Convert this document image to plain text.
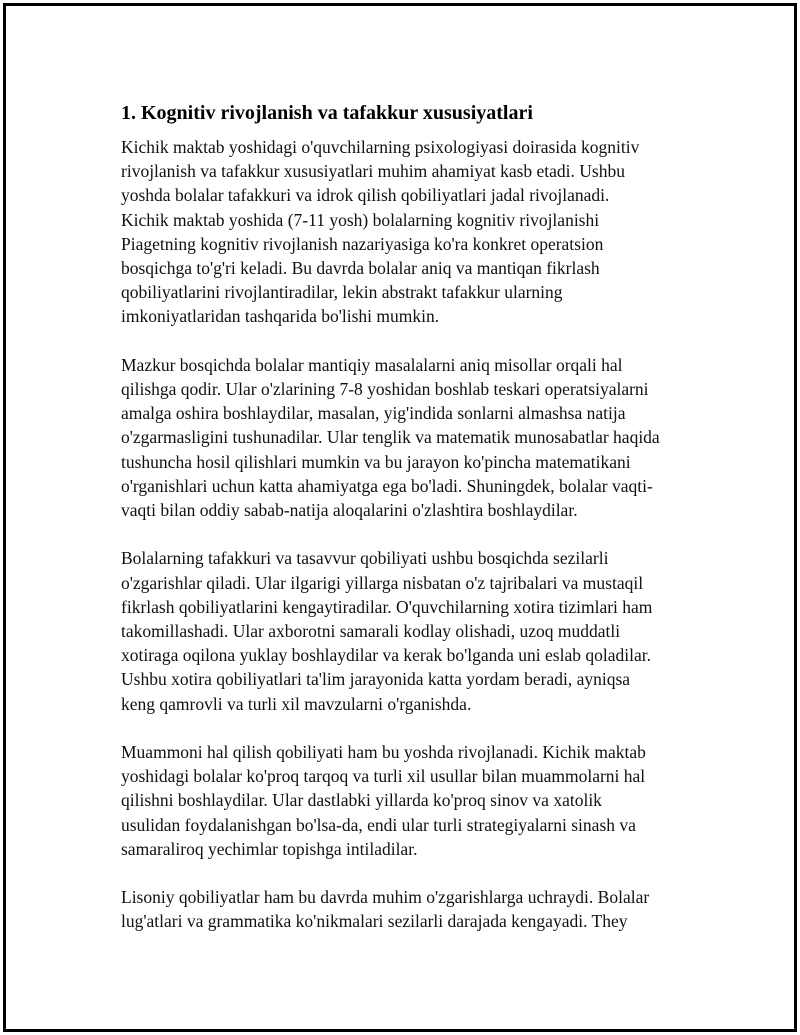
1. Kognitiv rivojlanish va tafakkur xususiyatlari
Kichik maktab yoshidagi o'quvchilarning psixologiyasi doirasida kognitiv
rivojlanish va tafakkur xususiyatlari muhim ahamiyat kasb etadi. Ushbu
yoshda bolalar tafakkuri va idrok qilish qobiliyatlari jadal rivojlanadi.
Kichik maktab yoshida (7-11 yosh) bolalarning kognitiv rivojlanishi
Piagetning kognitiv rivojlanish nazariyasiga ko'ra konkret operatsion
bosqichga to'g'ri keladi. Bu davrda bolalar aniq va mantiqan fikrlash
qobiliyatlarini rivojlantiradilar, lekin abstrakt tafakkur ularning
imkoniyatlaridan tashqarida bo'lishi mumkin.
Mazkur bosqichda bolalar mantiqiy masalalarni aniq misollar orqali hal
qilishga qodir. Ular o'zlarining 7-8 yoshidan boshlab teskari operatsiyalarni
amalga oshira boshlaydilar, masalan, yig'indida sonlarni almashsa natija
o'zgarmasligini tushunadilar. Ular tenglik va matematik munosabatlar haqida
tushuncha hosil qilishlari mumkin va bu jarayon ko'pincha matematikani
o'rganishlari uchun katta ahamiyatga ega bo'ladi. Shuningdek, bolalar vaqti-
vaqti bilan oddiy sabab-natija aloqalarini o'zlashtira boshlaydilar.
Bolalarning tafakkuri va tasavvur qobiliyati ushbu bosqichda sezilarli
o'zgarishlar qiladi. Ular ilgarigi yillarga nisbatan o'z tajribalari va mustaqil
fikrlash qobiliyatlarini kengaytiradilar. O'quvchilarning xotira tizimlari ham
takomillashadi. Ular axborotni samarali kodlay olishadi, uzoq muddatli
xotiraga oqilona yuklay boshlaydilar va kerak bo'lganda uni eslab qoladilar.
Ushbu xotira qobiliyatlari ta'lim jarayonida katta yordam beradi, ayniqsa
keng qamrovli va turli xil mavzularni o'rganishda.
Muammoni hal qilish qobiliyati ham bu yoshda rivojlanadi. Kichik maktab
yoshidagi bolalar ko'proq tarqoq va turli xil usullar bilan muammolarni hal
qilishni boshlaydilar. Ular dastlabki yillarda ko'proq sinov va xatolik
usulidan foydalanishgan bo'lsa-da, endi ular turli strategiyalarni sinash va
samaraliroq yechimlar topishga intiladilar.
Lisoniy qobiliyatlar ham bu davrda muhim o'zgarishlarga uchraydi. Bolalar
lug'atlari va grammatika ko'nikmalari sezilarli darajada kengayadi. They
